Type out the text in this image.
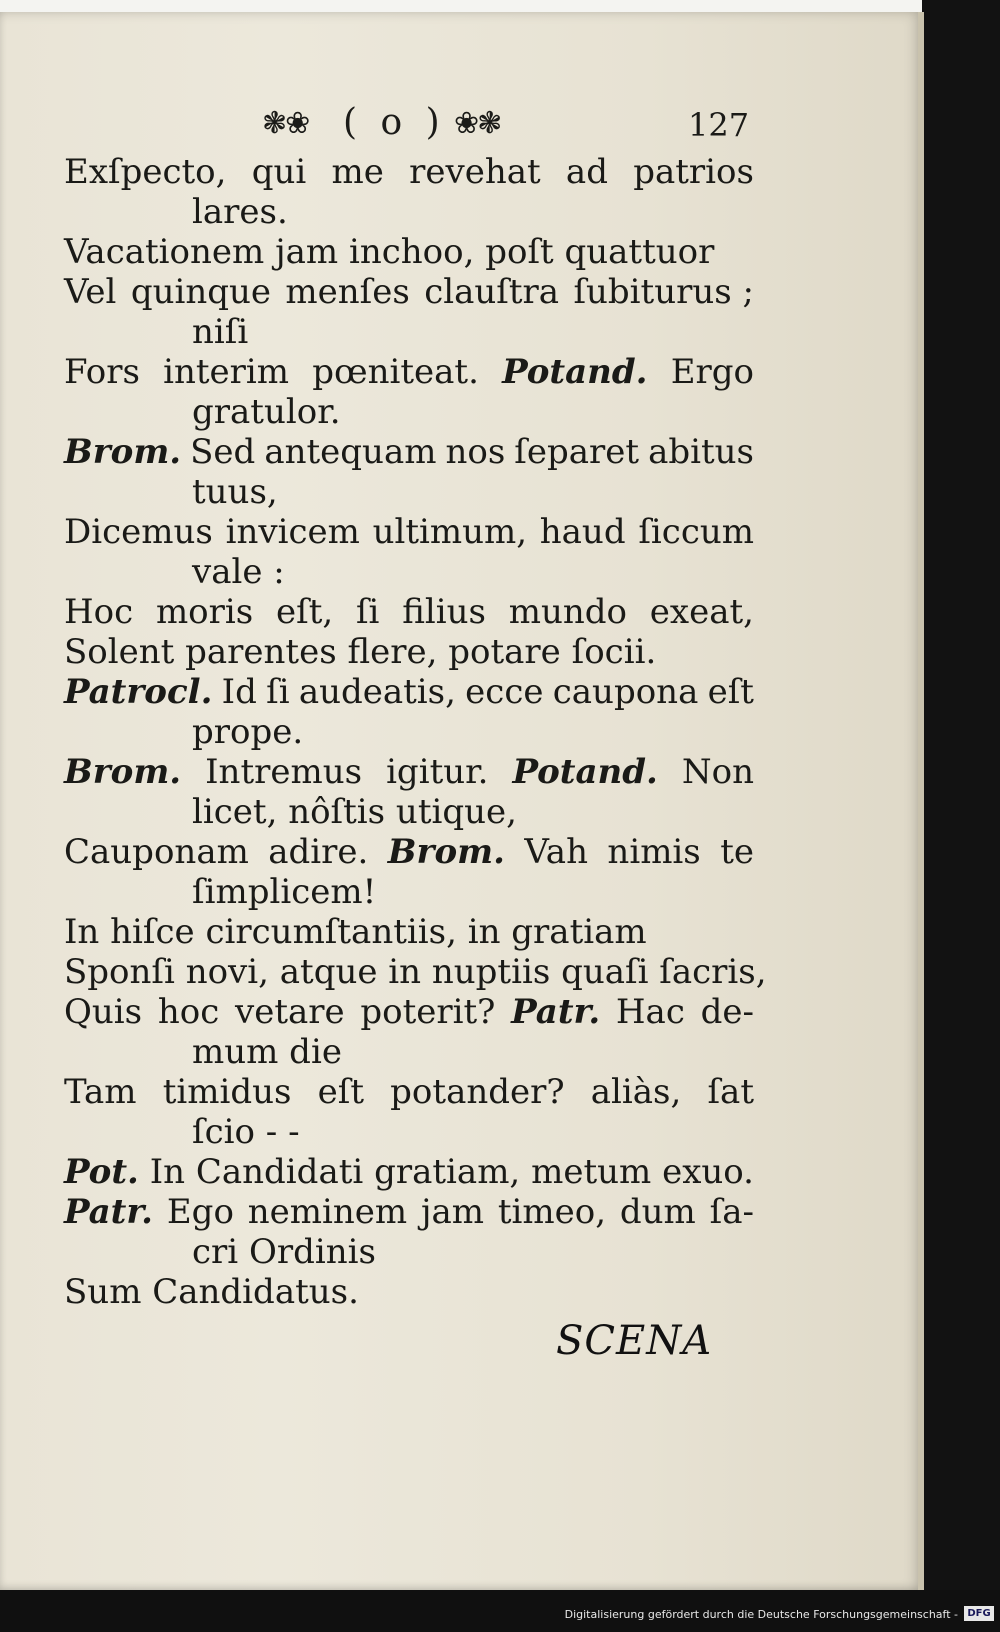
❃❀ ( o ) ❀❃	127
Exſpecto, qui me revehat ad patrios
lares.
Vacationem jam inchoo, poſt quattuor
Vel quinque menſes clauſtra ſubiturus ;
niſi
Fors interim pœniteat. Potand. Ergo
gratulor.
Brom. Sed antequam nos ſeparet abitus
tuus,
Dicemus invicem ultimum, haud ſiccum
vale :
Hoc moris eſt, ſi filius mundo exeat,
Solent parentes flere, potare ſocii.
Patrocl. Id ſi audeatis, ecce caupona eſt
prope.
Brom. Intremus igitur. Potand. Non
licet, nôſtis utique,
Cauponam adire. Brom. Vah nimis te
ſimplicem!
In hiſce circumſtantiis, in gratiam
Sponſi novi, atque in nuptiis quaſi ſacris,
Quis hoc vetare poterit? Patr. Hac de-
mum die
Tam timidus eſt potander? aliàs, ſat
ſcio - -
Pot. In Candidati gratiam, metum exuo.
Patr. Ego neminem jam timeo, dum ſa-
cri Ordinis
Sum Candidatus.
SCENA
Digitalisierung gefördert durch die Deutsche Forschungsgemeinschaft - DFG
